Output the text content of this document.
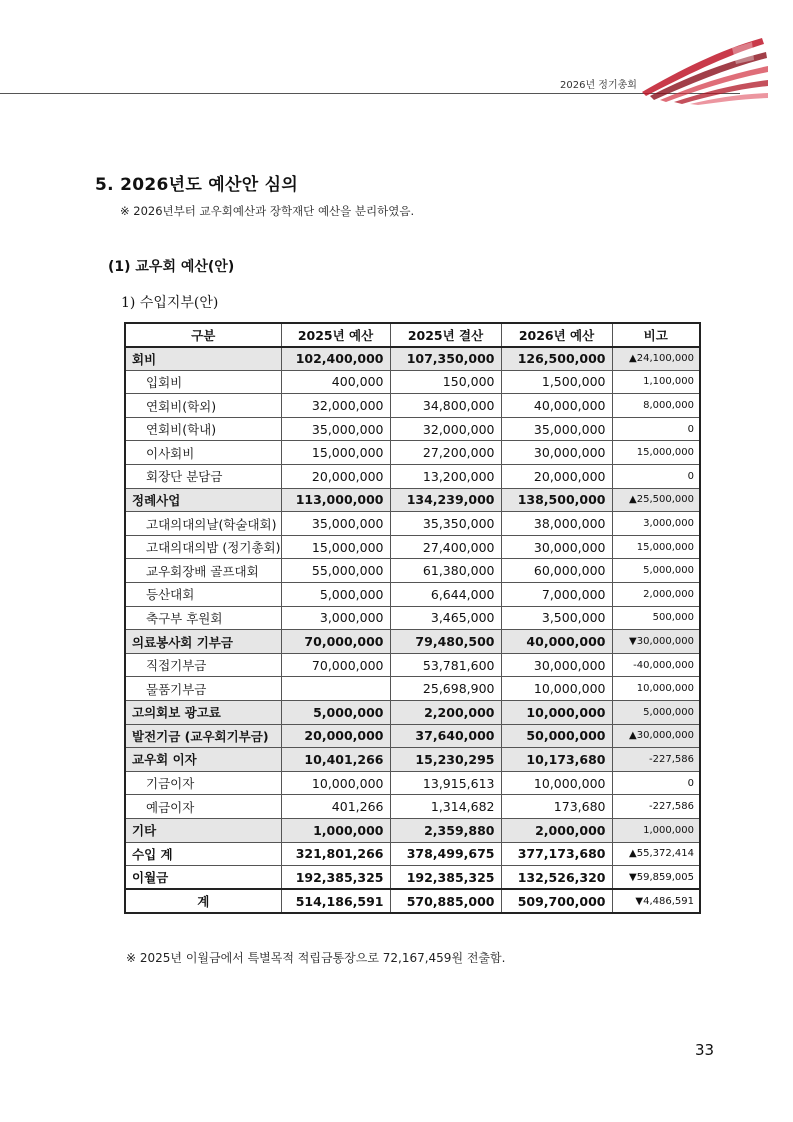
2026년 정기총회
5. 2026년도 예산안 심의
※ 2026년부터 교우회예산과 장학재단 예산을 분리하였음.
(1) 교우회 예산(안)
1) 수입지부(안)
구분	2025년 예산	2025년 결산	2026년 예산	비고
회비	102,400,000	107,350,000	126,500,000	▲24,100,000
입회비	400,000	150,000	1,500,000	1,100,000
연회비(학외)	32,000,000	34,800,000	40,000,000	8,000,000
연회비(학내)	35,000,000	32,000,000	35,000,000	0
이사회비	15,000,000	27,200,000	30,000,000	15,000,000
회장단 분담금	20,000,000	13,200,000	20,000,000	0
정례사업	113,000,000	134,239,000	138,500,000	▲25,500,000
고대의대의날(학술대회)	35,000,000	35,350,000	38,000,000	3,000,000
고대의대의밤 (정기총회)	15,000,000	27,400,000	30,000,000	15,000,000
교우회장배 골프대회	55,000,000	61,380,000	60,000,000	5,000,000
등산대회	5,000,000	6,644,000	7,000,000	2,000,000
축구부 후원회	3,000,000	3,465,000	3,500,000	500,000
의료봉사회 기부금	70,000,000	79,480,500	40,000,000	▼30,000,000
직접기부금	70,000,000	53,781,600	30,000,000	-40,000,000
물품기부금		25,698,900	10,000,000	10,000,000
고의회보 광고료	5,000,000	2,200,000	10,000,000	5,000,000
발전기금 (교우회기부금)	20,000,000	37,640,000	50,000,000	▲30,000,000
교우회 이자	10,401,266	15,230,295	10,173,680	-227,586
기금이자	10,000,000	13,915,613	10,000,000	0
예금이자	401,266	1,314,682	173,680	-227,586
기타	1,000,000	2,359,880	2,000,000	1,000,000
수입 계	321,801,266	378,499,675	377,173,680	▲55,372,414
이월금	192,385,325	192,385,325	132,526,320	▼59,859,005
계	514,186,591	570,885,000	509,700,000	▼4,486,591
※ 2025년 이월금에서 특별목적 적립금통장으로 72,167,459원 전출함.
33
